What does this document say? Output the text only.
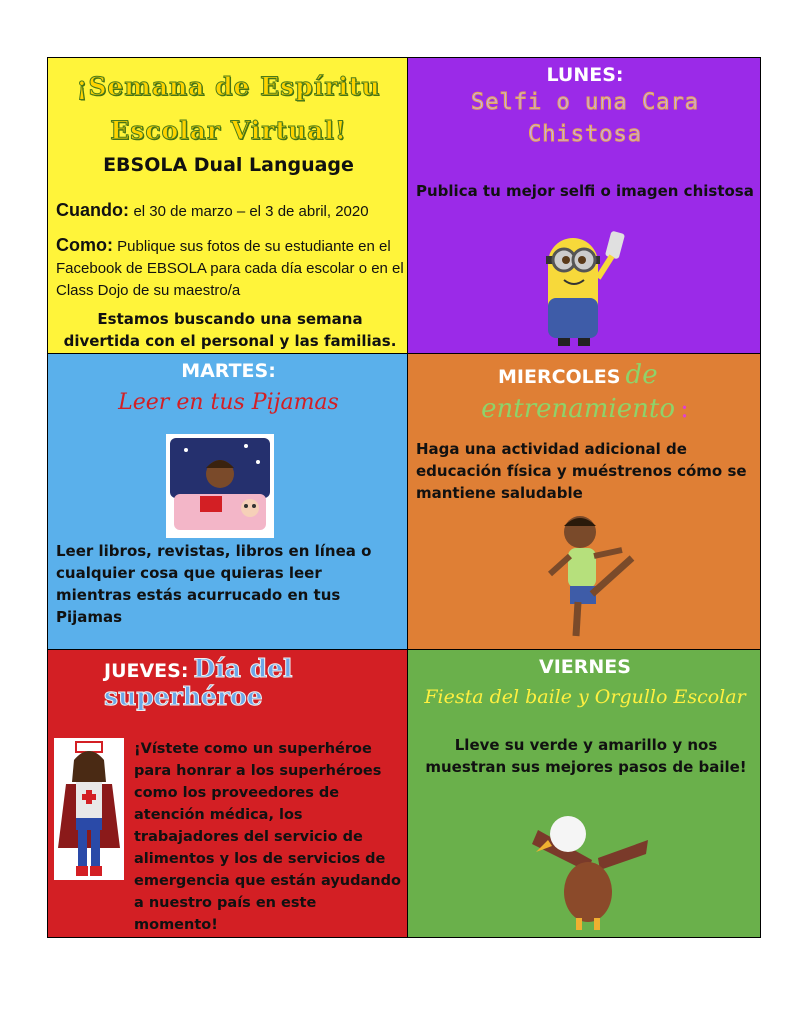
¡Semana de Espíritu
Escolar Virtual!
EBSOLA Dual Language
Cuando: el 30 de marzo – el 3 de abril, 2020
Como: Publique sus fotos de su estudiante en el Facebook de EBSOLA para cada día escolar o en el Class Dojo de su maestro/a
Estamos buscando una semana divertida con el personal y las familias.
LUNES:
Selfi o una Cara
Chistosa
Publica tu mejor selfi o imagen chistosa
MARTES:
Leer en tus Pijamas
Leer libros, revistas, libros en línea o cualquier cosa que quieras leer mientras estás acurrucado en tus Pijamas
MIERCOLES de
entrenamiento :
Haga una actividad adicional de educación física y muéstrenos cómo se mantiene saludable
JUEVES: Día del
superhéroe
¡Vístete como un superhéroe para honrar a los superhéroes como los proveedores de atención médica, los trabajadores del servicio de alimentos y los de servicios de emergencia que están ayudando a nuestro país en este momento!
VIERNES
Fiesta del baile y Orgullo Escolar
Lleve su verde y amarillo y nos muestran sus mejores pasos de baile!
